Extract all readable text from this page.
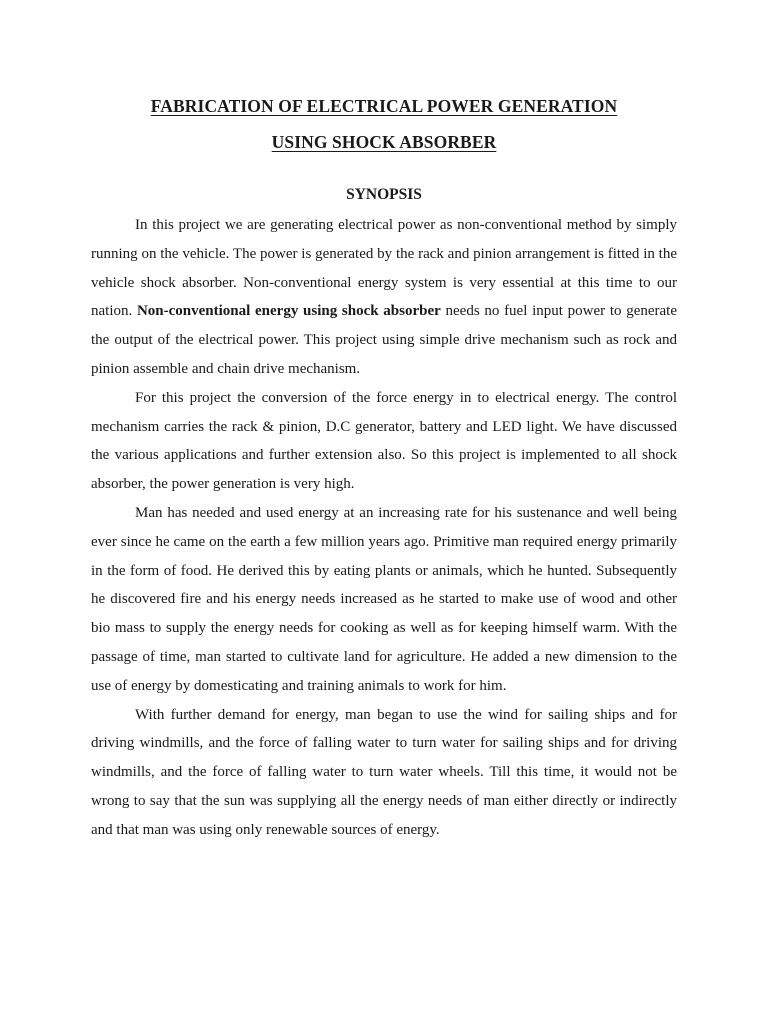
FABRICATION OF ELECTRICAL POWER GENERATION

USING SHOCK ABSORBER

SYNOPSIS

In this project we are generating electrical power as non-conventional method by simply running on the vehicle. The power is generated by the rack and pinion arrangement is fitted in the vehicle shock absorber. Non-conventional energy system is very essential at this time to our nation. Non-conventional energy using shock absorber needs no fuel input power to generate the output of the electrical power. This project using simple drive mechanism such as rock and pinion assemble and chain drive mechanism.

For this project the conversion of the force energy in to electrical energy. The control mechanism carries the rack & pinion, D.C generator, battery and LED light. We have discussed the various applications and further extension also. So this project is implemented to all shock absorber, the power generation is very high.

Man has needed and used energy at an increasing rate for his sustenance and well being ever since he came on the earth a few million years ago. Primitive man required energy primarily in the form of food. He derived this by eating plants or animals, which he hunted. Subsequently he discovered fire and his energy needs increased as he started to make use of wood and other bio mass to supply the energy needs for cooking as well as for keeping himself warm. With the passage of time, man started to cultivate land for agriculture. He added a new dimension to the use of energy by domesticating and training animals to work for him.

With further demand for energy, man began to use the wind for sailing ships and for driving windmills, and the force of falling water to turn water for sailing ships and for driving windmills, and the force of falling water to turn water wheels. Till this time, it would not be wrong to say that the sun was supplying all the energy needs of man either directly or indirectly and that man was using only renewable sources of energy.
